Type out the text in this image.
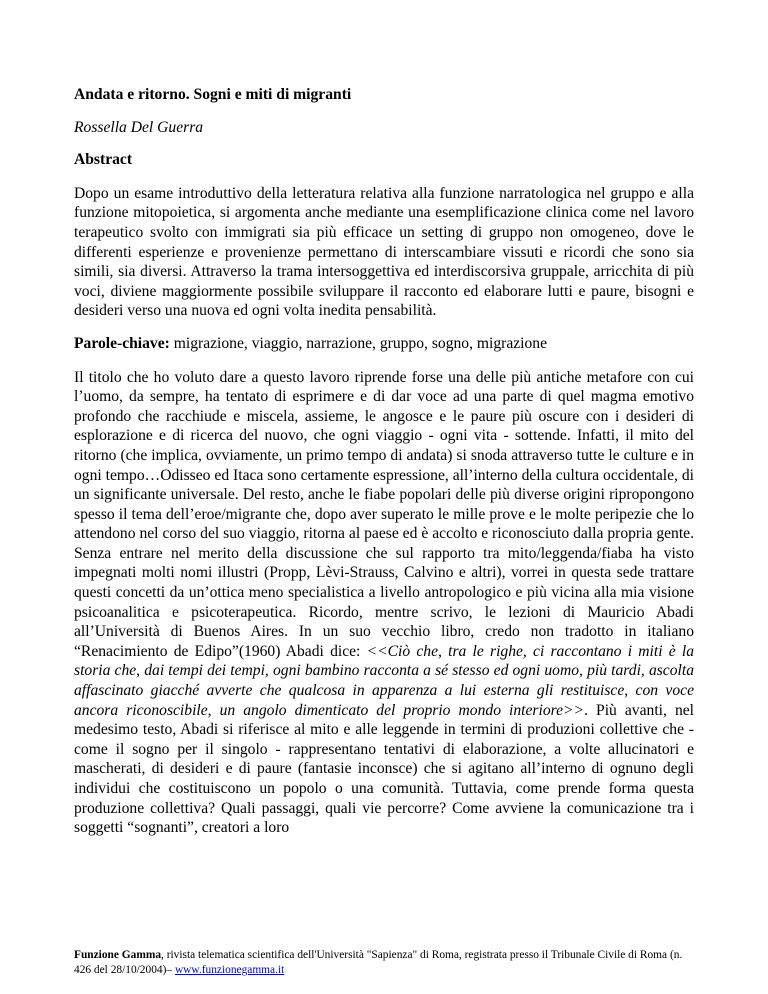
Andata e ritorno. Sogni e miti di migranti

Rossella Del Guerra

Abstract

Dopo un esame introduttivo della letteratura relativa alla funzione narratologica nel gruppo e alla funzione mitopoietica, si argomenta anche mediante una esemplificazione clinica come nel lavoro terapeutico svolto con immigrati sia più efficace un setting di gruppo non omogeneo, dove le differenti esperienze e provenienze permettano di interscambiare vissuti e ricordi che sono sia simili, sia diversi. Attraverso la trama intersoggettiva ed interdiscorsiva gruppale, arricchita di più voci, diviene maggiormente possibile sviluppare il racconto ed elaborare lutti e paure, bisogni e desideri verso una nuova ed ogni volta inedita pensabilità.

Parole-chiave: migrazione, viaggio, narrazione, gruppo, sogno, migrazione

Il titolo che ho voluto dare a questo lavoro riprende forse una delle più antiche metafore con cui l’uomo, da sempre, ha tentato di esprimere e di dar voce ad una parte di quel magma emotivo profondo che racchiude e miscela, assieme, le angosce e le paure più oscure con i desideri di esplorazione e di ricerca del nuovo, che ogni viaggio - ogni vita - sottende. Infatti, il mito del ritorno (che implica, ovviamente, un primo tempo di andata) si snoda attraverso tutte le culture e in ogni tempo…Odisseo ed Itaca sono certamente espressione, all’interno della cultura occidentale, di un significante universale. Del resto, anche le fiabe popolari delle più diverse origini ripropongono spesso il tema dell’eroe/migrante che, dopo aver superato le mille prove e le molte peripezie che lo attendono nel corso del suo viaggio, ritorna al paese ed è accolto e riconosciuto dalla propria gente. Senza entrare nel merito della discussione che sul rapporto tra mito/leggenda/fiaba ha visto impegnati molti nomi illustri (Propp, Lèvi-Strauss, Calvino e altri), vorrei in questa sede trattare questi concetti da un’ottica meno specialistica a livello antropologico e più vicina alla mia visione psicoanalitica e psicoterapeutica. Ricordo, mentre scrivo, le lezioni di Mauricio Abadi all’Università di Buenos Aires. In un suo vecchio libro, credo non tradotto in italiano “Renacimiento de Edipo”(1960) Abadi dice: <<Ciò che, tra le righe, ci raccontano i miti è la storia che, dai tempi dei tempi, ogni bambino racconta a sé stesso ed ogni uomo, più tardi, ascolta affascinato giacché avverte che qualcosa in apparenza a lui esterna gli restituisce, con voce ancora riconoscibile, un angolo dimenticato del proprio mondo interiore>>. Più avanti, nel medesimo testo, Abadi si riferisce al mito e alle leggende in termini di produzioni collettive che - come il sogno per il singolo - rappresentano tentativi di elaborazione, a volte allucinatori e mascherati, di desideri e di paure (fantasie inconsce) che si agitano all’interno di ognuno degli individui che costituiscono un popolo o una comunità. Tuttavia, come prende forma questa produzione collettiva? Quali passaggi, quali vie percorre? Come avviene la comunicazione tra i soggetti “sognanti”, creatori a loro

Funzione Gamma, rivista telematica scientifica dell'Università "Sapienza" di Roma, registrata presso il Tribunale Civile di Roma (n. 426 del 28/10/2004)– www.funzionegamma.it
